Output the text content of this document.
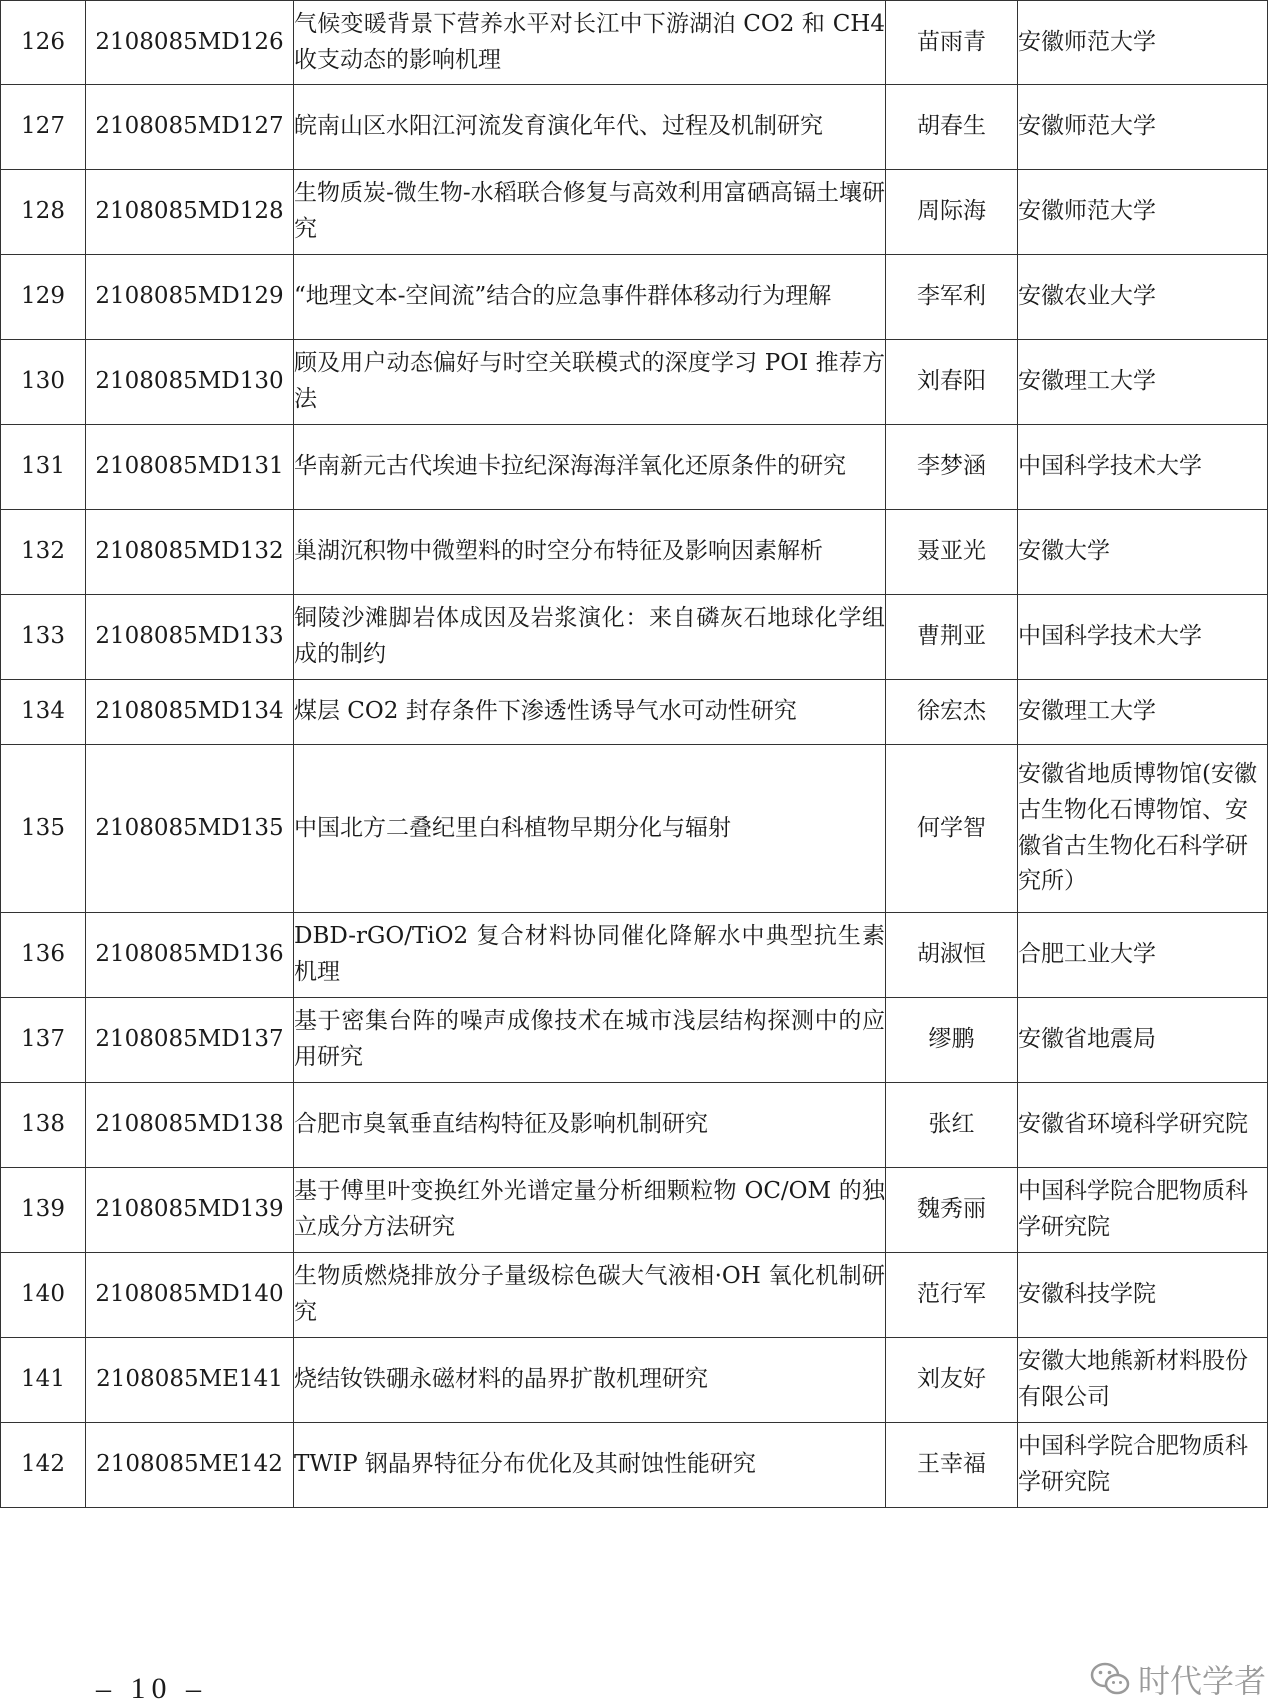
126	2108085MD126	气候变暖背景下营养水平对长江中下游湖泊 CO2 和 CH4 收支动态的影响机理	苗雨青	安徽师范大学
127	2108085MD127	皖南山区水阳江河流发育演化年代、过程及机制研究	胡春生	安徽师范大学
128	2108085MD128	生物质炭-微生物-水稻联合修复与高效利用富硒高镉土壤研究	周际海	安徽师范大学
129	2108085MD129	“地理文本-空间流”结合的应急事件群体移动行为理解	李军利	安徽农业大学
130	2108085MD130	顾及用户动态偏好与时空关联模式的深度学习 POI 推荐方法	刘春阳	安徽理工大学
131	2108085MD131	华南新元古代埃迪卡拉纪深海海洋氧化还原条件的研究	李梦涵	中国科学技术大学
132	2108085MD132	巢湖沉积物中微塑料的时空分布特征及影响因素解析	聂亚光	安徽大学
133	2108085MD133	铜陵沙滩脚岩体成因及岩浆演化：来自磷灰石地球化学组成的制约	曹荆亚	中国科学技术大学
134	2108085MD134	煤层 CO2 封存条件下渗透性诱导气水可动性研究	徐宏杰	安徽理工大学
135	2108085MD135	中国北方二叠纪里白科植物早期分化与辐射	何学智	安徽省地质博物馆(安徽古生物化石博物馆、安徽省古生物化石科学研究所）
136	2108085MD136	DBD-rGO/TiO2 复合材料协同催化降解水中典型抗生素机理	胡淑恒	合肥工业大学
137	2108085MD137	基于密集台阵的噪声成像技术在城市浅层结构探测中的应用研究	缪鹏	安徽省地震局
138	2108085MD138	合肥市臭氧垂直结构特征及影响机制研究	张红	安徽省环境科学研究院
139	2108085MD139	基于傅里叶变换红外光谱定量分析细颗粒物 OC/OM 的独立成分方法研究	魏秀丽	中国科学院合肥物质科学研究院
140	2108085MD140	生物质燃烧排放分子量级棕色碳大气液相·OH 氧化机制研究	范行军	安徽科技学院
141	2108085ME141	烧结钕铁硼永磁材料的晶界扩散机理研究	刘友好	安徽大地熊新材料股份有限公司
142	2108085ME142	TWIP 钢晶界特征分布优化及其耐蚀性能研究	王幸福	中国科学院合肥物质科学研究院
– 10 –	时代学者
